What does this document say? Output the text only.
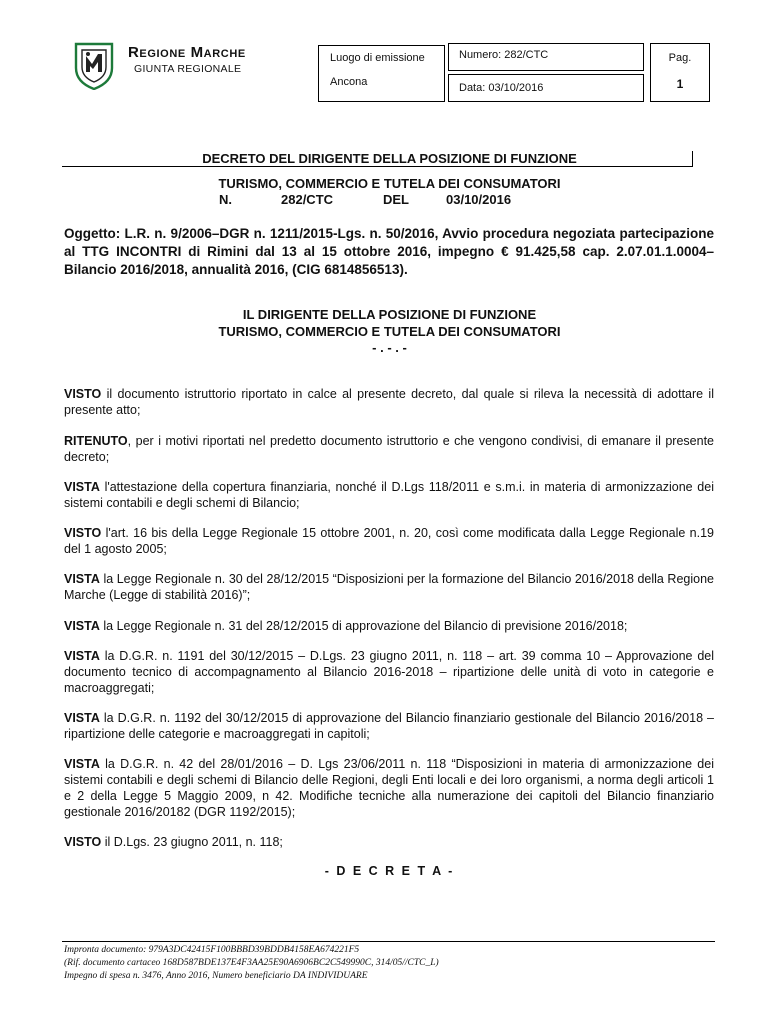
Regione Marche
GIUNTA REGIONALE
Luogo di emissione
Ancona
Numero: 282/CTC
Data: 03/10/2016
Pag.
1
DECRETO DEL DIRIGENTE DELLA POSIZIONE DI FUNZIONE
TURISMO, COMMERCIO E TUTELA DEI CONSUMATORI
N.	282/CTC	DEL	03/10/2016
Oggetto: L.R. n. 9/2006–DGR n. 1211/2015-Lgs. n. 50/2016, Avvio procedura negoziata partecipazione al TTG INCONTRI di Rimini dal 13 al 15 ottobre 2016, impegno € 91.425,58 cap. 2.07.01.1.0004–Bilancio 2016/2018, annualità 2016, (CIG 6814856513).
IL DIRIGENTE DELLA POSIZIONE DI FUNZIONE
TURISMO, COMMERCIO E TUTELA DEI CONSUMATORI
- . - . -
VISTO il documento istruttorio riportato in calce al presente decreto, dal quale si rileva la necessità di adottare il presente atto;
RITENUTO, per i motivi riportati nel predetto documento istruttorio e che vengono condivisi, di emanare il presente decreto;
VISTA l'attestazione della copertura finanziaria, nonché il D.Lgs 118/2011 e s.m.i. in materia di armonizzazione dei sistemi contabili e degli schemi di Bilancio;
VISTO l'art. 16 bis della Legge Regionale 15 ottobre 2001, n. 20, così come modificata dalla Legge Regionale n.19 del 1 agosto 2005;
VISTA la Legge Regionale n. 30 del 28/12/2015 “Disposizioni per la formazione del Bilancio 2016/2018 della Regione Marche (Legge di stabilità 2016)”;
VISTA la Legge Regionale n. 31 del 28/12/2015 di approvazione del Bilancio di previsione 2016/2018;
VISTA la D.G.R. n. 1191 del 30/12/2015 – D.Lgs. 23 giugno 2011, n. 118 – art. 39 comma 10 – Approvazione del documento tecnico di accompagnamento al Bilancio 2016-2018 – ripartizione delle unità di voto in categorie e macroaggregati;
VISTA la D.G.R. n. 1192 del 30/12/2015 di approvazione del Bilancio finanziario gestionale del Bilancio 2016/2018 – ripartizione delle categorie e macroaggregati in capitoli;
VISTA la D.G.R. n. 42 del 28/01/2016 – D. Lgs 23/06/2011 n. 118 “Disposizioni in materia di armonizzazione dei sistemi contabili e degli schemi di Bilancio delle Regioni, degli Enti locali e dei loro organismi, a norma degli articoli 1 e 2 della Legge 5 Maggio 2009, n 42. Modifiche tecniche alla numerazione dei capitoli del Bilancio finanziario gestionale 2016/20182 (DGR 1192/2015);
VISTO il D.Lgs. 23 giugno 2011, n. 118;
- D E C R E T A -
Impronta documento: 979A3DC42415F100BBBD39BDDB4158EA674221F5
(Rif. documento cartaceo 168D587BDE137E4F3AA25E90A6906BC2C549990C, 314/05//CTC_L)
Impegno di spesa n. 3476, Anno 2016, Numero beneficiario DA INDIVIDUARE
